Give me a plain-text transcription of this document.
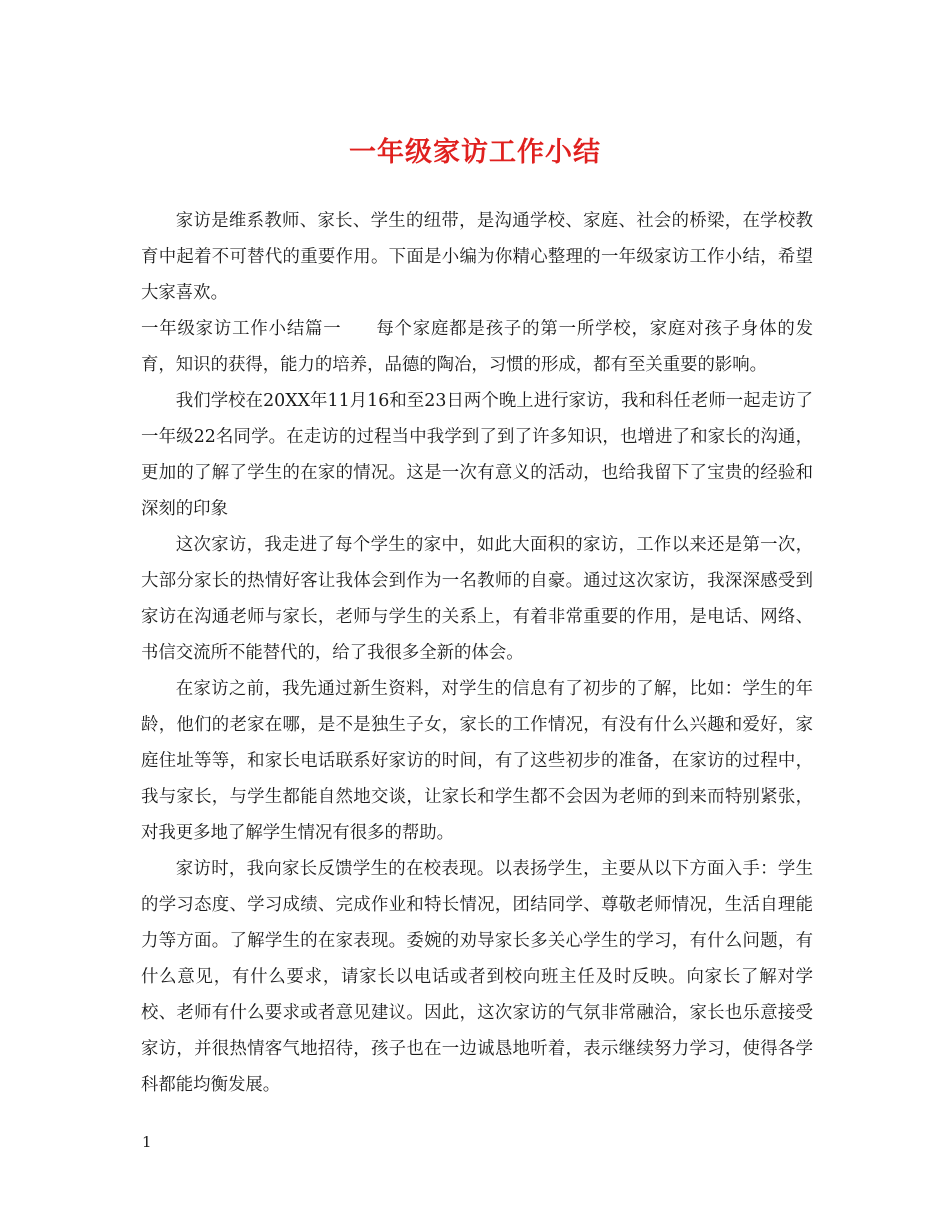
一年级家访工作小结

家访是维系教师、家长、学生的纽带，是沟通学校、家庭、社会的桥梁，在学校教育中起着不可替代的重要作用。下面是小编为你精心整理的一年级家访工作小结，希望大家喜欢。

一年级家访工作小结篇一 每个家庭都是孩子的第一所学校，家庭对孩子身体的发育，知识的获得，能力的培养，品德的陶冶，习惯的形成，都有至关重要的影响。

我们学校在20XX年11月16和至23日两个晚上进行家访，我和科任老师一起走访了一年级22名同学。在走访的过程当中我学到了到了许多知识，也增进了和家长的沟通，更加的了解了学生的在家的情况。这是一次有意义的活动，也给我留下了宝贵的经验和深刻的印象

这次家访，我走进了每个学生的家中，如此大面积的家访，工作以来还是第一次，大部分家长的热情好客让我体会到作为一名教师的自豪。通过这次家访，我深深感受到家访在沟通老师与家长，老师与学生的关系上，有着非常重要的作用，是电话、网络、书信交流所不能替代的，给了我很多全新的体会。

在家访之前，我先通过新生资料，对学生的信息有了初步的了解，比如：学生的年龄，他们的老家在哪，是不是独生子女，家长的工作情况，有没有什么兴趣和爱好，家庭住址等等，和家长电话联系好家访的时间，有了这些初步的准备，在家访的过程中，我与家长，与学生都能自然地交谈，让家长和学生都不会因为老师的到来而特别紧张，对我更多地了解学生情况有很多的帮助。

家访时，我向家长反馈学生的在校表现。以表扬学生，主要从以下方面入手：学生的学习态度、学习成绩、完成作业和特长情况，团结同学、尊敬老师情况，生活自理能力等方面。了解学生的在家表现。委婉的劝导家长多关心学生的学习，有什么问题，有什么意见，有什么要求，请家长以电话或者到校向班主任及时反映。向家长了解对学校、老师有什么要求或者意见建议。因此，这次家访的气氛非常融洽，家长也乐意接受家访，并很热情客气地招待，孩子也在一边诚恳地听着，表示继续努力学习，使得各学科都能均衡发展。

1
